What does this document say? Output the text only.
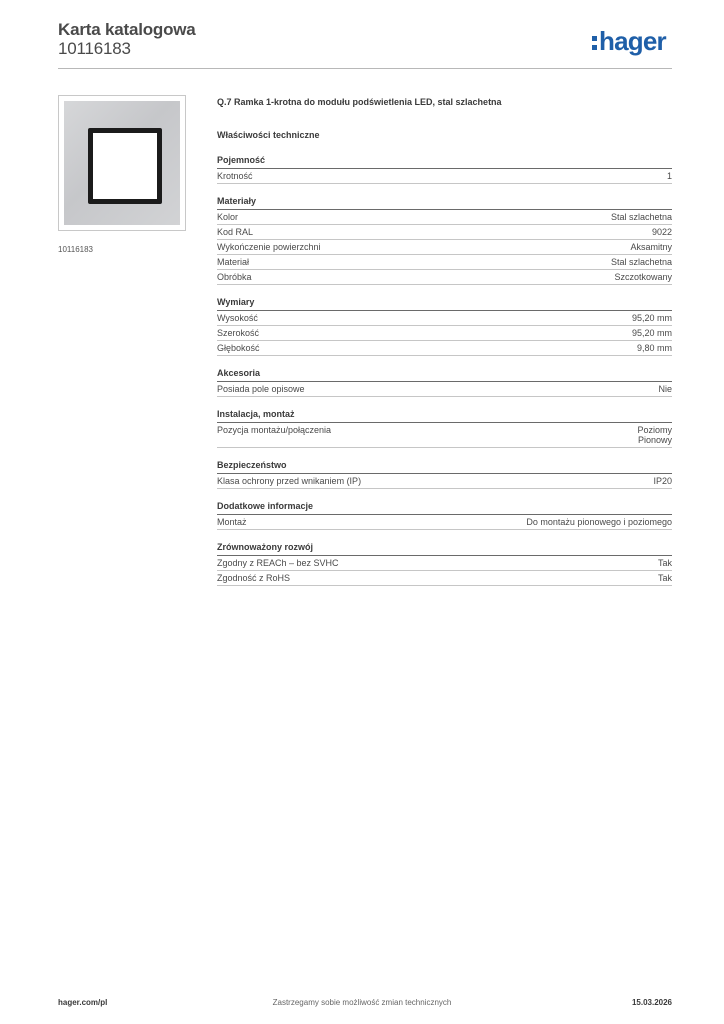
Karta katalogowa
10116183	hager
10116183
Q.7 Ramka 1-krotna do modułu podświetlenia LED, stal szlachetna
Właściwości techniczne
Pojemność
Krotność	1
Materiały
Kolor	Stal szlachetna
Kod RAL	9022
Wykończenie powierzchni	Aksamitny
Materiał	Stal szlachetna
Obróbka	Szczotkowany
Wymiary
Wysokość	95,20 mm
Szerokość	95,20 mm
Głębokość	9,80 mm
Akcesoria
Posiada pole opisowe	Nie
Instalacja, montaż
Pozycja montażu/połączenia	Poziomy
Pionowy
Bezpieczeństwo
Klasa ochrony przed wnikaniem (IP)	IP20
Dodatkowe informacje
Montaż	Do montażu pionowego i poziomego
Zrównoważony rozwój
Zgodny z REACh – bez SVHC	Tak
Zgodność z RoHS	Tak
hager.com/pl	Zastrzegamy sobie możliwość zmian technicznych	15.03.2026
